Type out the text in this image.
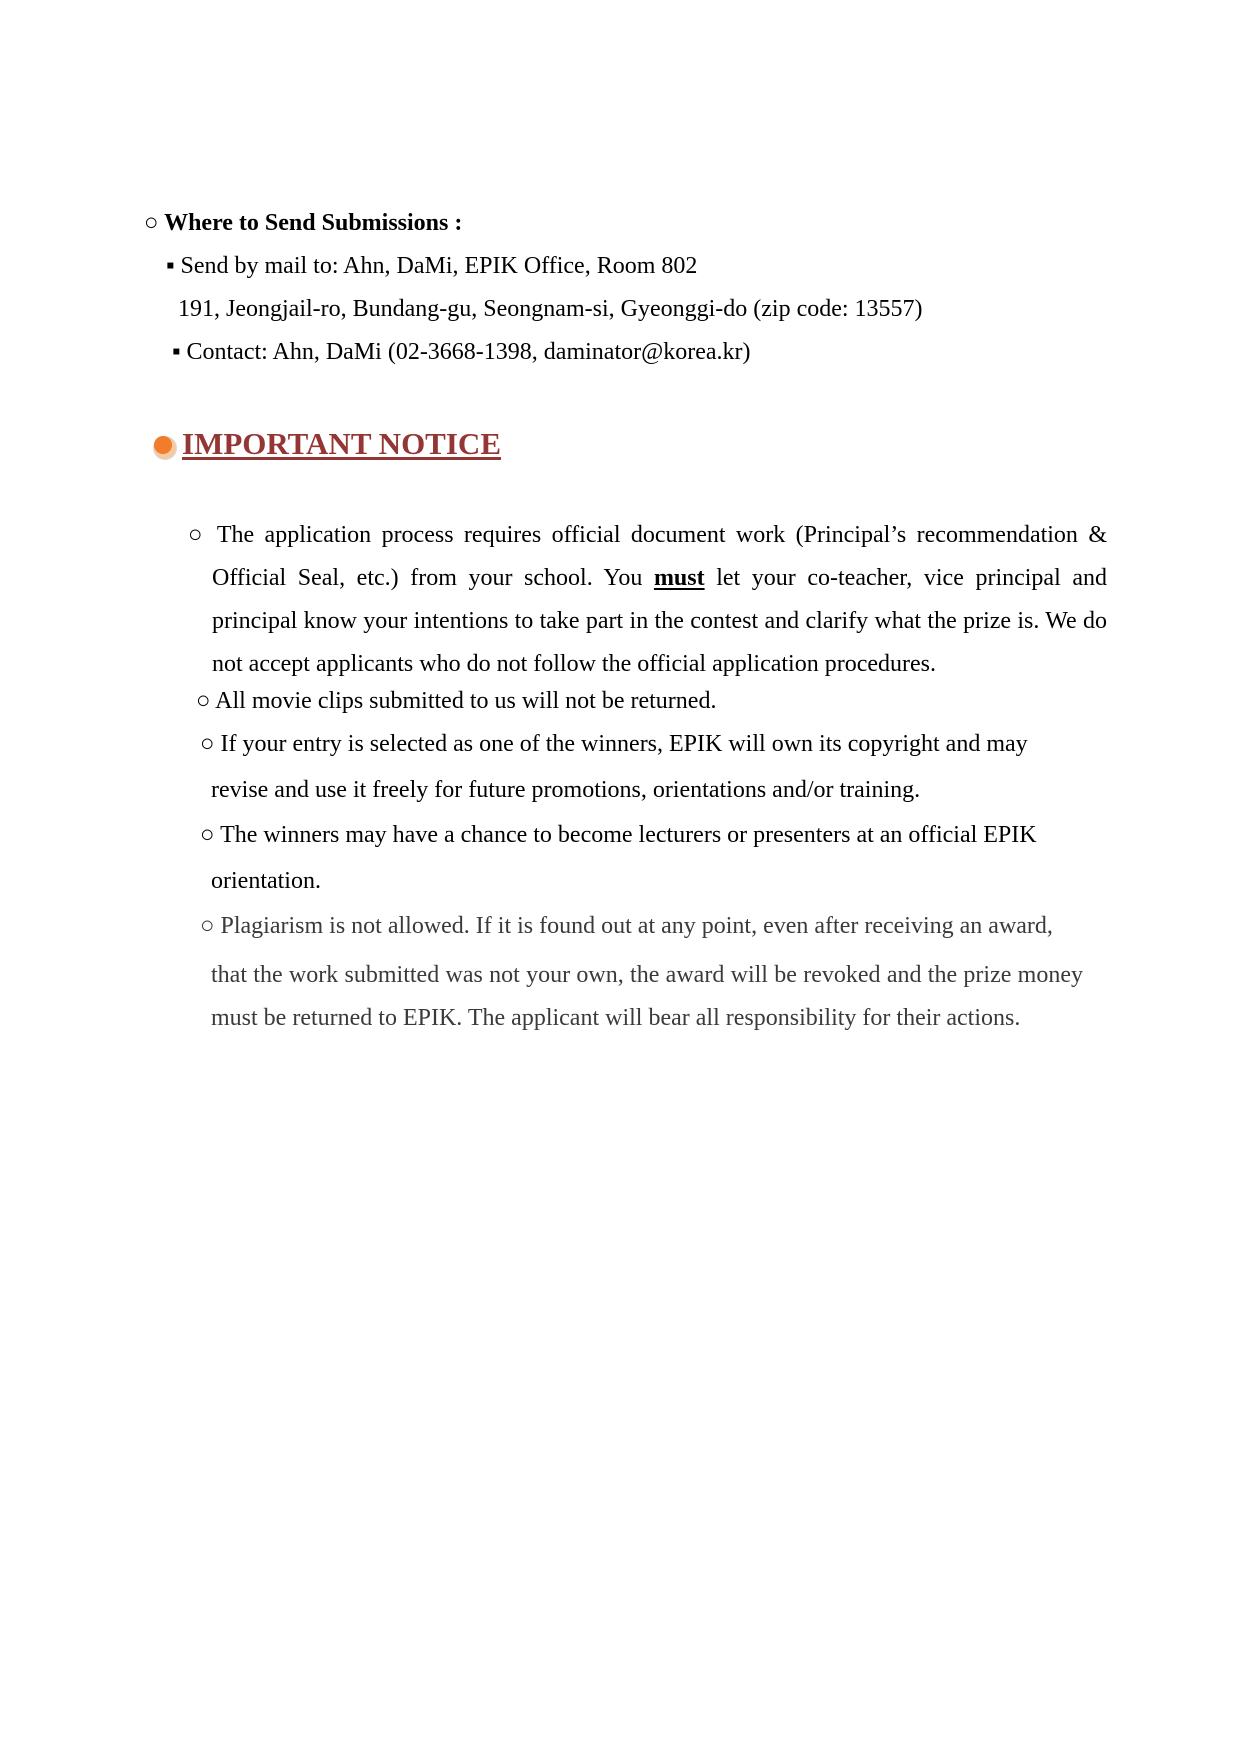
○ Where to Send Submissions :
▪ Send by mail to: Ahn, DaMi, EPIK Office, Room 802
191, Jeongjail-ro, Bundang-gu, Seongnam-si, Gyeonggi-do (zip code: 13557)
▪ Contact: Ahn, DaMi (02-3668-1398, daminator@korea.kr)
IMPORTANT NOTICE
○ The application process requires official document work (Principal’s recommendation & Official Seal, etc.) from your school. You must let your co-teacher, vice principal and principal know your intentions to take part in the contest and clarify what the prize is. We do not accept applicants who do not follow the official application procedures.
○ All movie clips submitted to us will not be returned.
○ If your entry is selected as one of the winners, EPIK will own its copyright and may
revise and use it freely for future promotions, orientations and/or training.
○ The winners may have a chance to become lecturers or presenters at an official EPIK
orientation.
○ Plagiarism is not allowed. If it is found out at any point, even after receiving an award,
that the work submitted was not your own, the award will be revoked and the prize money must be returned to EPIK. The applicant will bear all responsibility for their actions.
